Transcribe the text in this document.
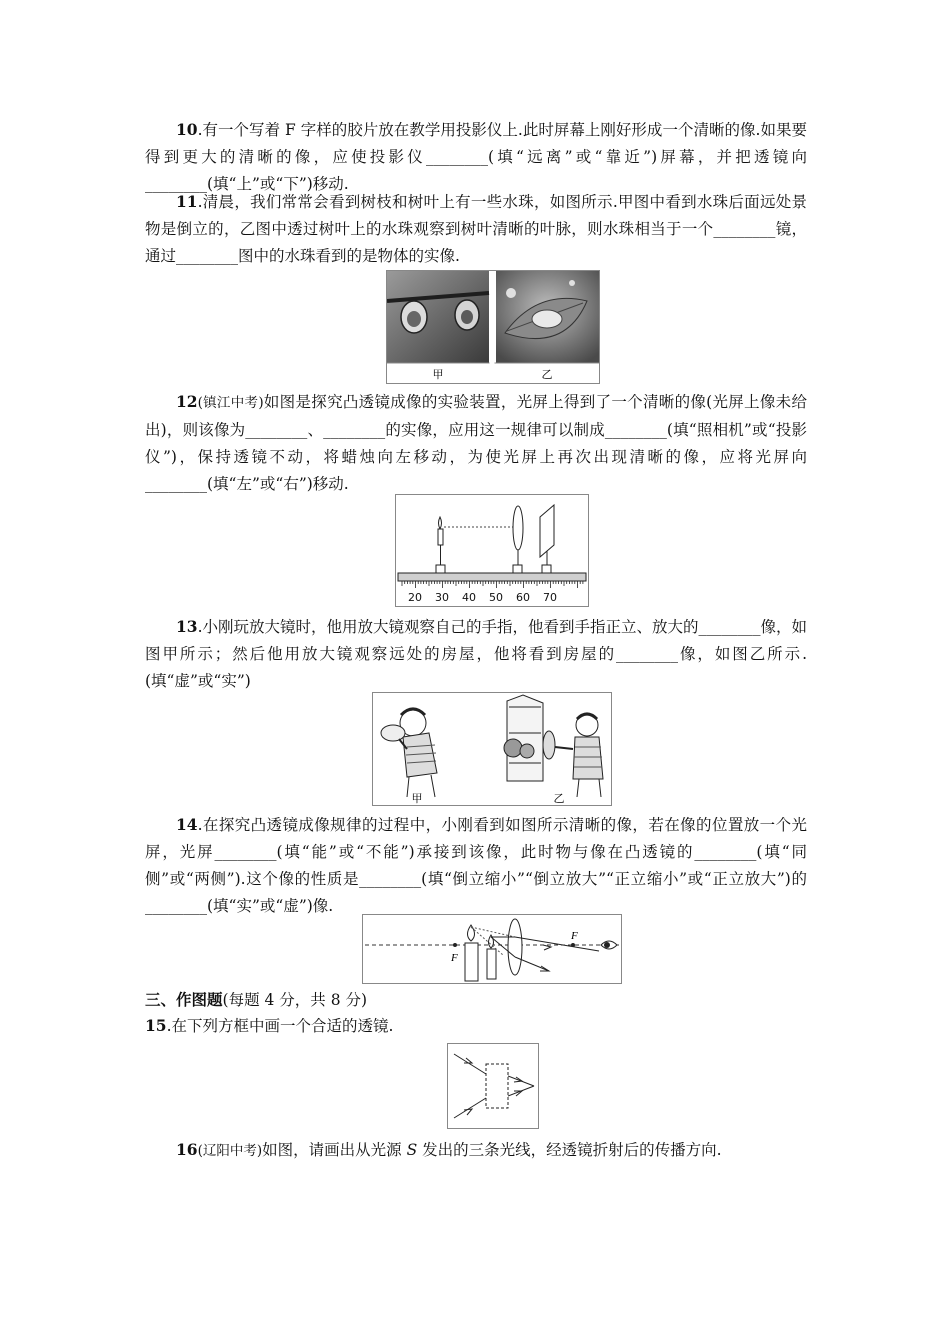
10.有一个写着 F 字样的胶片放在教学用投影仪上.此时屏幕上刚好形成一个清晰的像.如果要得到更大的清晰的像，应使投影仪________(填“远离”或“靠近”)屏幕，并把透镜向________(填“上”或“下”)移动.

11.清晨，我们常常会看到树枝和树叶上有一些水珠，如图所示.甲图中看到水珠后面远处景物是倒立的，乙图中透过树叶上的水珠观察到树叶清晰的叶脉，则水珠相当于一个________镜，通过________图中的水珠看到的是物体的实像.

甲	乙

12(镇江中考)如图是探究凸透镜成像的实验装置，光屏上得到了一个清晰的像(光屏上像未给出)，则该像为________、________的实像，应用这一规律可以制成________(填“照相机”或“投影仪”)，保持透镜不动，将蜡烛向左移动，为使光屏上再次出现清晰的像，应将光屏向________(填“左”或“右”)移动.

20 30 40 50 60 70

13.小刚玩放大镜时，他用放大镜观察自己的手指，他看到手指正立、放大的________像，如图甲所示；然后他用放大镜观察远处的房屋，他将看到房屋的________像，如图乙所示.(填“虚”或“实”)

甲	乙

14.在探究凸透镜成像规律的过程中，小刚看到如图所示清晰的像，若在像的位置放一个光屏，光屏________(填“能”或“不能”)承接到该像，此时物与像在凸透镜的________(填“同侧”或“两侧”).这个像的性质是________(填“倒立缩小”“倒立放大”“正立缩小”或“正立放大”)的________(填“实”或“虚”)像.

F
F

三、作图题(每题 4 分，共 8 分)

15.在下列方框中画一个合适的透镜.

16(辽阳中考)如图，请画出从光源 S 发出的三条光线，经透镜折射后的传播方向.
